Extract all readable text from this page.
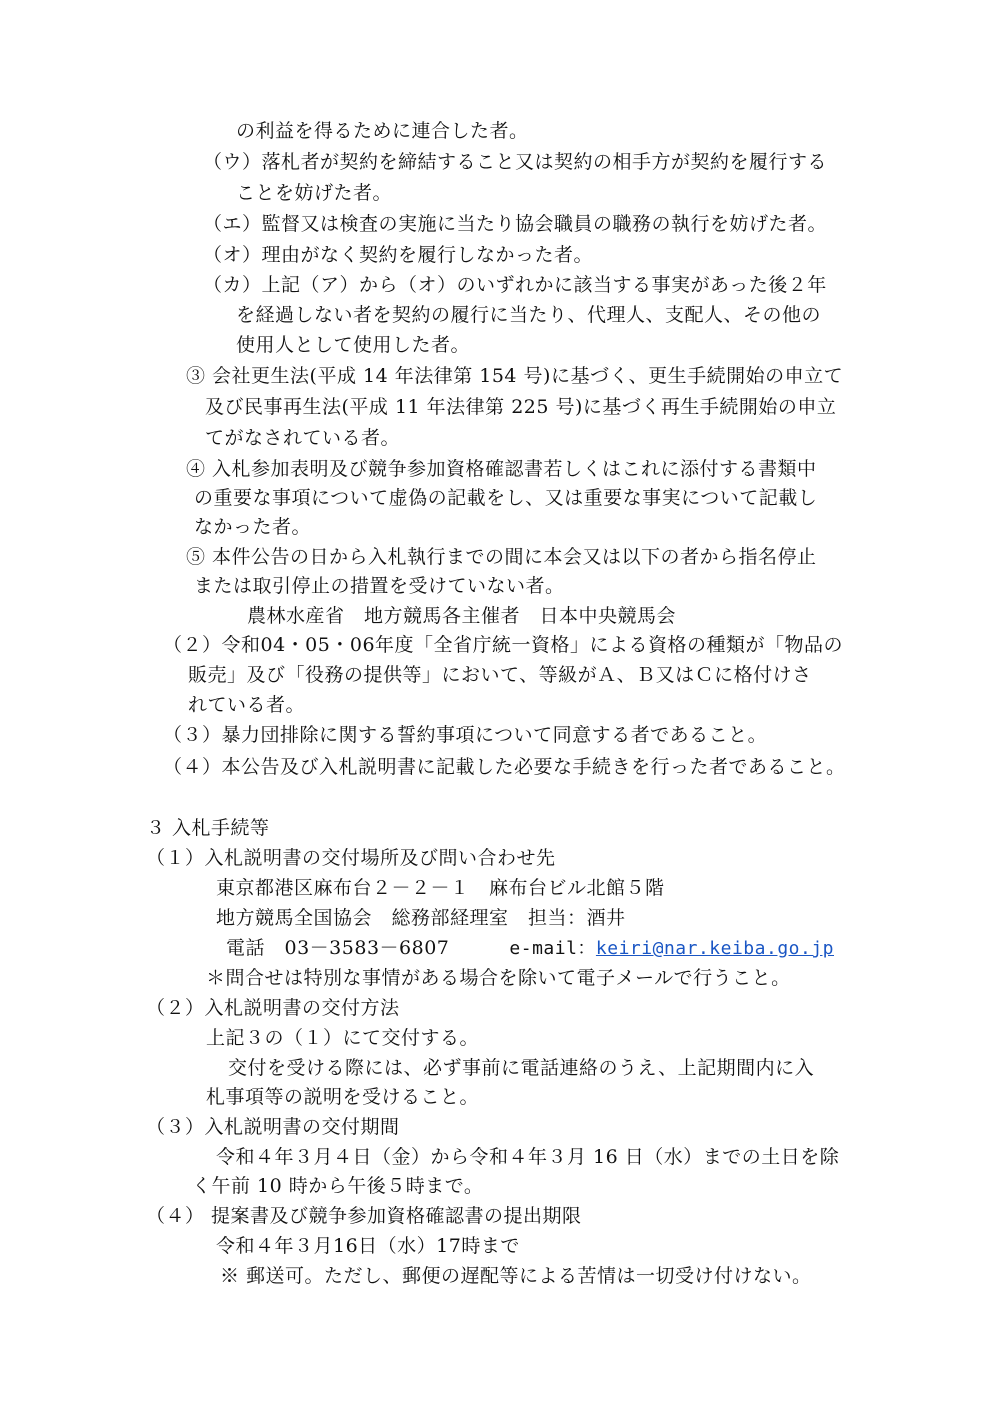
の利益を得るために連合した者。
（ウ）落札者が契約を締結すること又は契約の相手方が契約を履行する
ことを妨げた者。
（エ）監督又は検査の実施に当たり協会職員の職務の執行を妨げた者。
（オ）理由がなく契約を履行しなかった者。
（カ）上記（ア）から（オ）のいずれかに該当する事実があった後２年
を経過しない者を契約の履行に当たり、代理人、支配人、その他の
使用人として使用した者。
③ 会社更生法(平成 14 年法律第 154 号)に基づく、更生手続開始の申立て
及び民事再生法(平成 11 年法律第 225 号)に基づく再生手続開始の申立
てがなされている者。
④ 入札参加表明及び競争参加資格確認書若しくはこれに添付する書類中
の重要な事項について虚偽の記載をし、又は重要な事実について記載し
なかった者。
⑤ 本件公告の日から入札執行までの間に本会又は以下の者から指名停止
または取引停止の措置を受けていない者。
農林水産省　地方競馬各主催者　日本中央競馬会
（２）令和04・05・06年度「全省庁統一資格」による資格の種類が「物品の
販売」及び「役務の提供等」において、等級がＡ、Ｂ又はＣに格付けさ
れている者。
（３）暴力団排除に関する誓約事項について同意する者であること。
（４）本公告及び入札説明書に記載した必要な手続きを行った者であること。
３ 入札手続等
（１）入札説明書の交付場所及び問い合わせ先
東京都港区麻布台２－２－１　麻布台ビル北館５階
地方競馬全国協会　総務部経理室　担当：酒井
電話　03－3583－6807	e-mail：keiri@nar.keiba.go.jp
＊問合せは特別な事情がある場合を除いて電子メールで行うこと。
（２）入札説明書の交付方法
上記３の（１）にて交付する。
交付を受ける際には、必ず事前に電話連絡のうえ、上記期間内に入
札事項等の説明を受けること。
（３）入札説明書の交付期間
令和４年３月４日（金）から令和４年３月 16 日（水）までの土日を除
く午前 10 時から午後５時まで。
（４） 提案書及び競争参加資格確認書の提出期限
令和４年３月16日（水）17時まで
※ 郵送可。ただし、郵便の遅配等による苦情は一切受け付けない。
